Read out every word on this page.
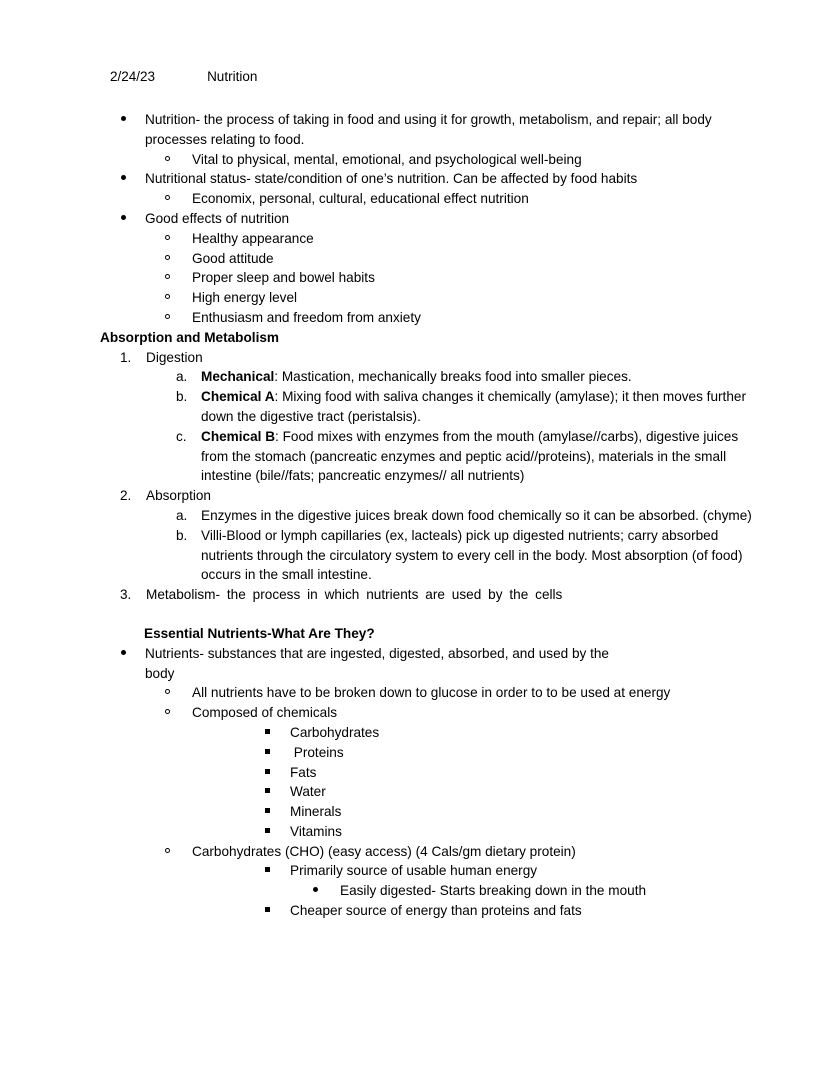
2/24/23	Nutrition

Nutrition- the process of taking in food and using it for growth, metabolism, and repair; all body processes relating to food.
Vital to physical, mental, emotional, and psychological well-being
Nutritional status- state/condition of one’s nutrition. Can be affected by food habits
Economix, personal, cultural, educational effect nutrition
Good effects of nutrition
Healthy appearance
Good attitude
Proper sleep and bowel habits
High energy level
Enthusiasm and freedom from anxiety
Absorption and Metabolism
1.	Digestion
a.	Mechanical: Mastication, mechanically breaks food into smaller pieces.
b.	Chemical A: Mixing food with saliva changes it chemically (amylase); it then moves further down the digestive tract (peristalsis).
c.	Chemical B: Food mixes with enzymes from the mouth (amylase//carbs), digestive juices from the stomach (pancreatic enzymes and peptic acid//proteins), materials in the small intestine (bile//fats; pancreatic enzymes// all nutrients)
2.	Absorption
a.	Enzymes in the digestive juices break down food chemically so it can be absorbed. (chyme)
b.	Villi-Blood or lymph capillaries (ex, lacteals) pick up digested nutrients; carry absorbed nutrients through the circulatory system to every cell in the body. Most absorption (of food) occurs in the small intestine.
3.	Metabolism- the process in which nutrients are used by the cells
Essential Nutrients-What Are They?
Nutrients- substances that are ingested, digested, absorbed, and used by the body
All nutrients have to be broken down to glucose in order to to be used at energy
Composed of chemicals
Carbohydrates
Proteins
Fats
Water
Minerals
Vitamins
Carbohydrates (CHO) (easy access) (4 Cals/gm dietary protein)
Primarily source of usable human energy
Easily digested- Starts breaking down in the mouth
Cheaper source of energy than proteins and fats
